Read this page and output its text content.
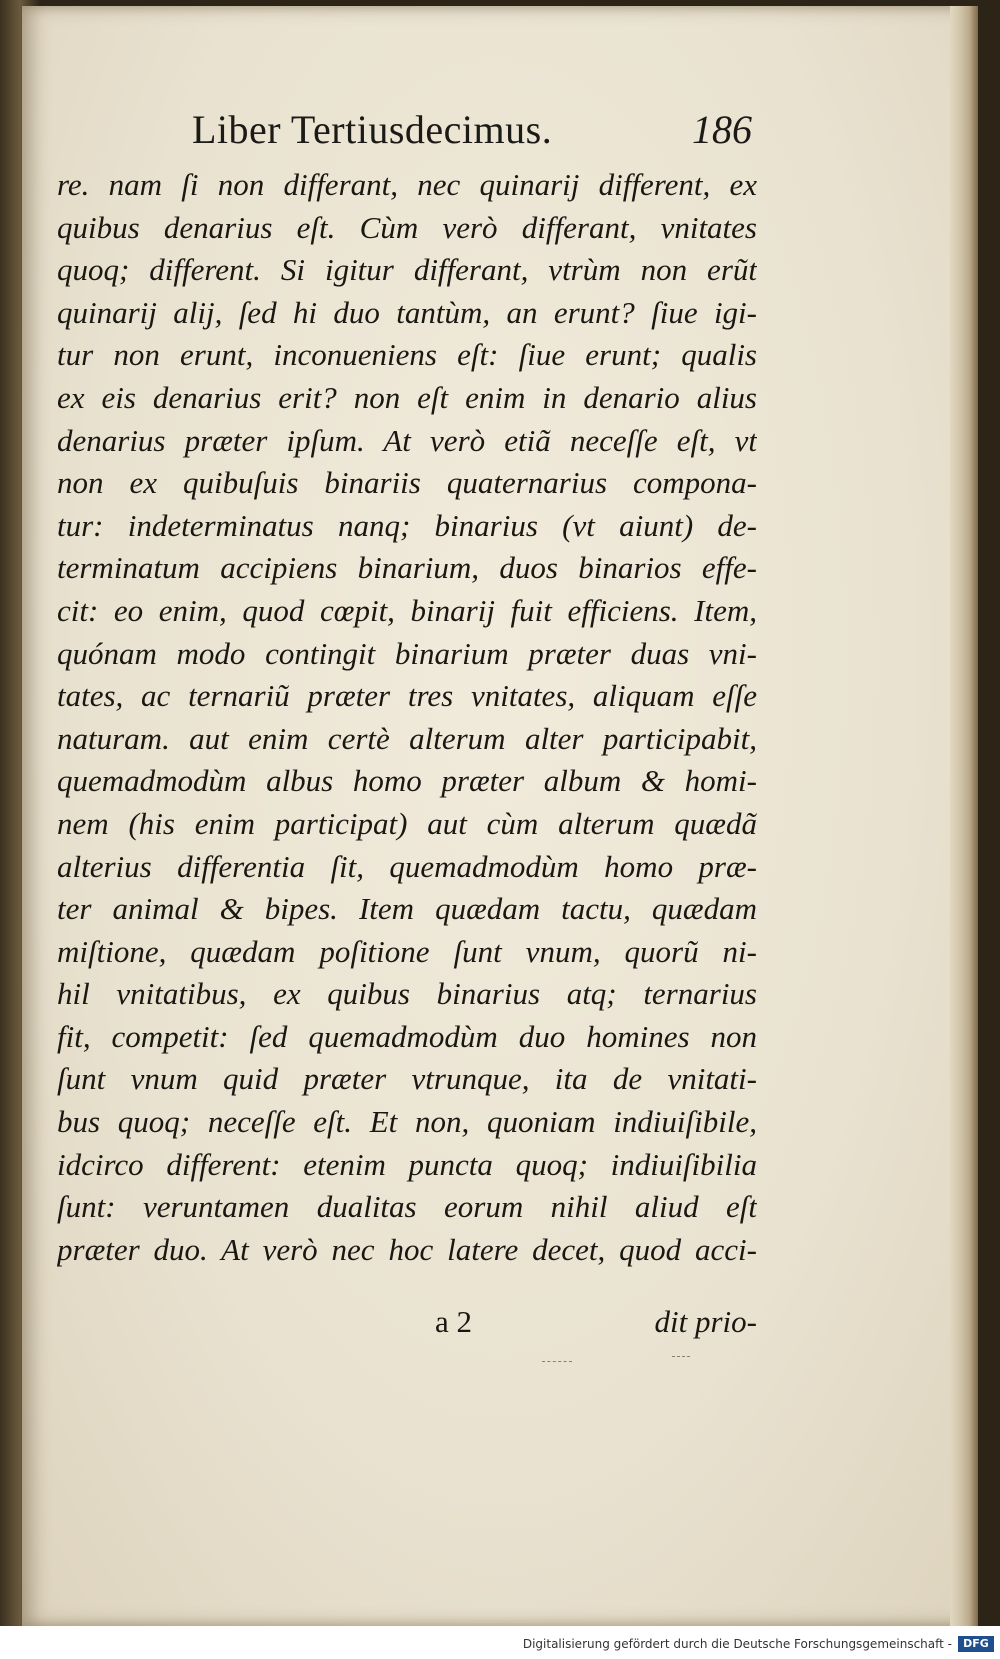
Liber Tertiusdecimus.	186
re. nam ſi non differant, nec quinarij different, ex
quibus denarius eſt. Cùm verò differant, vnitates
quoq; different. Si igitur differant, vtrùm non erũt
quinarij alij, ſed hi duo tantùm, an erunt? ſiue igi-
tur non erunt, inconueniens eſt: ſiue erunt; qualis
ex eis denarius erit? non eſt enim in denario alius
denarius præter ipſum. At verò etiã neceſſe eſt, vt
non ex quibuſuis binariis quaternarius compona-
tur: indeterminatus nanq; binarius (vt aiunt) de-
terminatum accipiens binarium, duos binarios effe-
cit: eo enim, quod cœpit, binarij fuit efficiens. Item,
quónam modo contingit binarium præter duas vni-
tates, ac ternariũ præter tres vnitates, aliquam eſſe
naturam. aut enim certè alterum alter participabit,
quemadmodùm albus homo præter album & homi-
nem (his enim participat) aut cùm alterum quædã
alterius differentia ſit, quemadmodùm homo præ-
ter animal & bipes. Item quædam tactu, quædam
miſtione, quædam poſitione ſunt vnum, quorũ ni-
hil vnitatibus, ex quibus binarius atq; ternarius
fit, competit: ſed quemadmodùm duo homines non
ſunt vnum quid præter vtrunque, ita de vnitati-
bus quoq; neceſſe eſt. Et non, quoniam indiuiſibile,
idcirco different: etenim puncta quoq; indiuiſibilia
ſunt: veruntamen dualitas eorum nihil aliud eſt
præter duo. At verò nec hoc latere decet, quod acci-
a 2	dit prio-
Digitalisierung gefördert durch die Deutsche Forschungsgemeinschaft -	DFG
